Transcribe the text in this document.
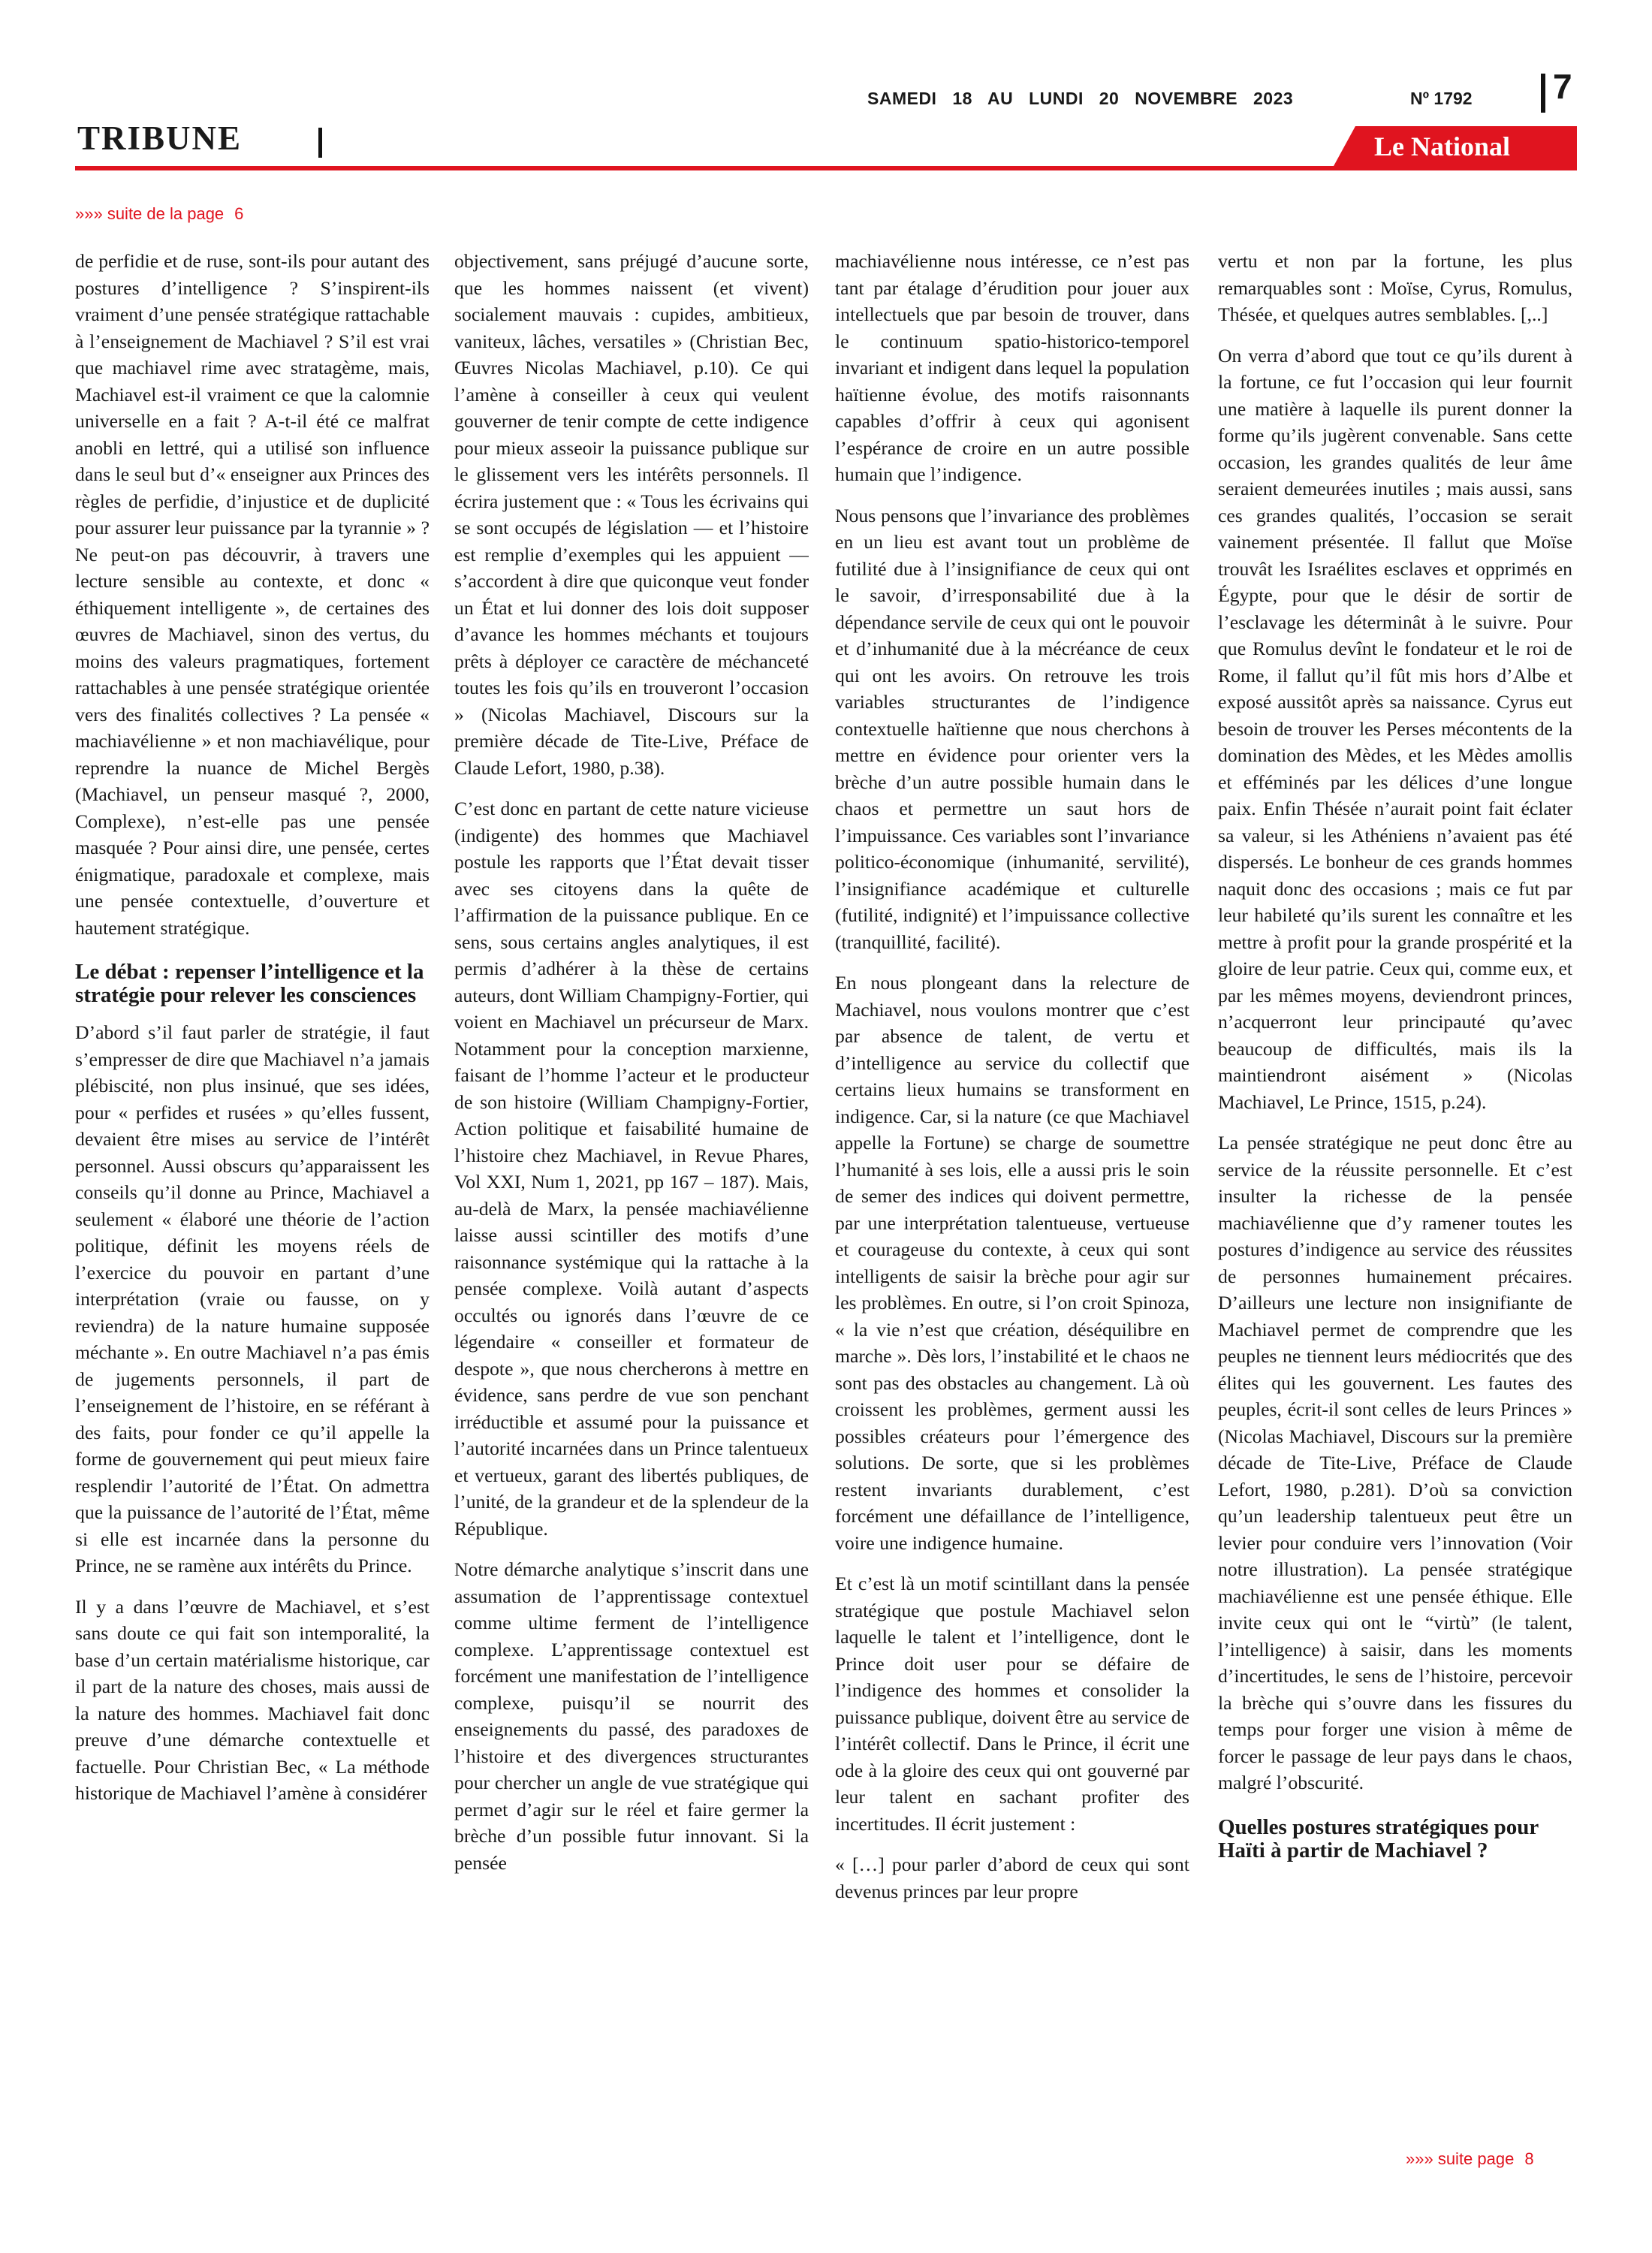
SAMEDI 18 AU LUNDI 20 NOVEMBRE 2023	Nº 1792 7
TRIBUNE	Le National
»»» suite de la page 6

de perfidie et de ruse, sont-ils pour autant des postures d’intelligence ? S’inspirent-ils vraiment d’une pensée stratégique rattachable à l’enseignement de Machiavel ? S’il est vrai que machiavel rime avec stratagème, mais, Machiavel est-il vraiment ce que la calomnie universelle en a fait ? A-t-il été ce malfrat anobli en lettré, qui a utilisé son influence dans le seul but d’« enseigner aux Princes des règles de perfidie, d’injustice et de duplicité pour assurer leur puissance par la tyrannie » ? Ne peut-on pas découvrir, à travers une lecture sensible au contexte, et donc « éthiquement intelligente », de certaines des œuvres de Machiavel, sinon des vertus, du moins des valeurs pragmatiques, fortement rattachables à une pensée stratégique orientée vers des finalités collectives ? La pensée « machiavélienne » et non machiavélique, pour reprendre la nuance de Michel Bergès (Machiavel, un penseur masqué ?, 2000, Complexe), n’est-elle pas une pensée masquée ? Pour ainsi dire, une pensée, certes énigmatique, paradoxale et complexe, mais une pensée contextuelle, d’ouverture et hautement stratégique.

Le débat : repenser l’intelligence et la stratégie pour relever les consciences

D’abord s’il faut parler de stratégie, il faut s’empresser de dire que Machiavel n’a jamais plébiscité, non plus insinué, que ses idées, pour « perfides et rusées » qu’elles fussent, devaient être mises au service de l’intérêt personnel. Aussi obscurs qu’apparaissent les conseils qu’il donne au Prince, Machiavel a seulement « élaboré une théorie de l’action politique, définit les moyens réels de l’exercice du pouvoir en partant d’une interprétation (vraie ou fausse, on y reviendra) de la nature humaine supposée méchante ». En outre Machiavel n’a pas émis de jugements personnels, il part de l’enseignement de l’histoire, en se référant à des faits, pour fonder ce qu’il appelle la forme de gouvernement qui peut mieux faire resplendir l’autorité de l’État. On admettra que la puissance de l’autorité de l’État, même si elle est incarnée dans la personne du Prince, ne se ramène aux intérêts du Prince.

Il y a dans l’œuvre de Machiavel, et s’est sans doute ce qui fait son intemporalité, la base d’un certain matérialisme historique, car il part de la nature des choses, mais aussi de la nature des hommes. Machiavel fait donc preuve d’une démarche contextuelle et factuelle. Pour Christian Bec, « La méthode historique de Machiavel l’amène à considérer

objectivement, sans préjugé d’aucune sorte, que les hommes naissent (et vivent) socialement mauvais : cupides, ambitieux, vaniteux, lâches, versatiles » (Christian Bec, Œuvres Nicolas Machiavel, p.10). Ce qui l’amène à conseiller à ceux qui veulent gouverner de tenir compte de cette indigence pour mieux asseoir la puissance publique sur le glissement vers les intérêts personnels. Il écrira justement que : « Tous les écrivains qui se sont occupés de législation — et l’histoire est remplie d’exemples qui les appuient — s’accordent à dire que quiconque veut fonder un État et lui donner des lois doit supposer d’avance les hommes méchants et toujours prêts à déployer ce caractère de méchanceté toutes les fois qu’ils en trouveront l’occasion » (Nicolas Machiavel, Discours sur la première décade de Tite-Live, Préface de Claude Lefort, 1980, p.38).

C’est donc en partant de cette nature vicieuse (indigente) des hommes que Machiavel postule les rapports que l’État devait tisser avec ses citoyens dans la quête de l’affirmation de la puissance publique. En ce sens, sous certains angles analytiques, il est permis d’adhérer à la thèse de certains auteurs, dont William Champigny-Fortier, qui voient en Machiavel un précurseur de Marx. Notamment pour la conception marxienne, faisant de l’homme l’acteur et le producteur de son histoire (William Champigny-Fortier, Action politique et faisabilité humaine de l’histoire chez Machiavel, in Revue Phares, Vol XXI, Num 1, 2021, pp 167 – 187). Mais, au-delà de Marx, la pensée machiavélienne laisse aussi scintiller des motifs d’une raisonnance systémique qui la rattache à la pensée complexe. Voilà autant d’aspects occultés ou ignorés dans l’œuvre de ce légendaire « conseiller et formateur de despote », que nous chercherons à mettre en évidence, sans perdre de vue son penchant irréductible et assumé pour la puissance et l’autorité incarnées dans un Prince talentueux et vertueux, garant des libertés publiques, de l’unité, de la grandeur et de la splendeur de la République.

Notre démarche analytique s’inscrit dans une assumation de l’apprentissage contextuel comme ultime ferment de l’intelligence complexe. L’apprentissage contextuel est forcément une manifestation de l’intelligence complexe, puisqu’il se nourrit des enseignements du passé, des paradoxes de l’histoire et des divergences structurantes pour chercher un angle de vue stratégique qui permet d’agir sur le réel et faire germer la brèche d’un possible futur innovant. Si la pensée

machiavélienne nous intéresse, ce n’est pas tant par étalage d’érudition pour jouer aux intellectuels que par besoin de trouver, dans le continuum spatio-historico-temporel invariant et indigent dans lequel la population haïtienne évolue, des motifs raisonnants capables d’offrir à ceux qui agonisent l’espérance de croire en un autre possible humain que l’indigence.

Nous pensons que l’invariance des problèmes en un lieu est avant tout un problème de futilité due à l’insignifiance de ceux qui ont le savoir, d’irresponsabilité due à la dépendance servile de ceux qui ont le pouvoir et d’inhumanité due à la mécréance de ceux qui ont les avoirs. On retrouve les trois variables structurantes de l’indigence contextuelle haïtienne que nous cherchons à mettre en évidence pour orienter vers la brèche d’un autre possible humain dans le chaos et permettre un saut hors de l’impuissance. Ces variables sont l’invariance politico-économique (inhumanité, servilité), l’insignifiance académique et culturelle (futilité, indignité) et l’impuissance collective (tranquillité, facilité).

En nous plongeant dans la relecture de Machiavel, nous voulons montrer que c’est par absence de talent, de vertu et d’intelligence au service du collectif que certains lieux humains se transforment en indigence. Car, si la nature (ce que Machiavel appelle la Fortune) se charge de soumettre l’humanité à ses lois, elle a aussi pris le soin de semer des indices qui doivent permettre, par une interprétation talentueuse, vertueuse et courageuse du contexte, à ceux qui sont intelligents de saisir la brèche pour agir sur les problèmes. En outre, si l’on croit Spinoza, « la vie n’est que création, déséquilibre en marche ». Dès lors, l’instabilité et le chaos ne sont pas des obstacles au changement. Là où croissent les problèmes, germent aussi les possibles créateurs pour l’émergence des solutions. De sorte, que si les problèmes restent invariants durablement, c’est forcément une défaillance de l’intelligence, voire une indigence humaine.

Et c’est là un motif scintillant dans la pensée stratégique que postule Machiavel selon laquelle le talent et l’intelligence, dont le Prince doit user pour se défaire de l’indigence des hommes et consolider la puissance publique, doivent être au service de l’intérêt collectif. Dans le Prince, il écrit une ode à la gloire des ceux qui ont gouverné par leur talent en sachant profiter des incertitudes. Il écrit justement :

« […] pour parler d’abord de ceux qui sont devenus princes par leur propre

vertu et non par la fortune, les plus remarquables sont : Moïse, Cyrus, Romulus, Thésée, et quelques autres semblables. [,..]

On verra d’abord que tout ce qu’ils durent à la fortune, ce fut l’occasion qui leur fournit une matière à laquelle ils purent donner la forme qu’ils jugèrent convenable. Sans cette occasion, les grandes qualités de leur âme seraient demeurées inutiles ; mais aussi, sans ces grandes qualités, l’occasion se serait vainement présentée. Il fallut que Moïse trouvât les Israélites esclaves et opprimés en Égypte, pour que le désir de sortir de l’esclavage les déterminât à le suivre. Pour que Romulus devînt le fondateur et le roi de Rome, il fallut qu’il fût mis hors d’Albe et exposé aussitôt après sa naissance. Cyrus eut besoin de trouver les Perses mécontents de la domination des Mèdes, et les Mèdes amollis et efféminés par les délices d’une longue paix. Enfin Thésée n’aurait point fait éclater sa valeur, si les Athéniens n’avaient pas été dispersés. Le bonheur de ces grands hommes naquit donc des occasions ; mais ce fut par leur habileté qu’ils surent les connaître et les mettre à profit pour la grande prospérité et la gloire de leur patrie. Ceux qui, comme eux, et par les mêmes moyens, deviendront princes, n’acquerront leur principauté qu’avec beaucoup de difficultés, mais ils la maintiendront aisément » (Nicolas Machiavel, Le Prince, 1515, p.24).

La pensée stratégique ne peut donc être au service de la réussite personnelle. Et c’est insulter la richesse de la pensée machiavélienne que d’y ramener toutes les postures d’indigence au service des réussites de personnes humainement précaires. D’ailleurs une lecture non insignifiante de Machiavel permet de comprendre que les peuples ne tiennent leurs médiocrités que des élites qui les gouvernent. Les fautes des peuples, écrit-il sont celles de leurs Princes » (Nicolas Machiavel, Discours sur la première décade de Tite-Live, Préface de Claude Lefort, 1980, p.281). D’où sa conviction qu’un leadership talentueux peut être un levier pour conduire vers l’innovation (Voir notre illustration). La pensée stratégique machiavélienne est une pensée éthique. Elle invite ceux qui ont le “virtù” (le talent, l’intelligence) à saisir, dans les moments d’incertitudes, le sens de l’histoire, percevoir la brèche qui s’ouvre dans les fissures du temps pour forger une vision à même de forcer le passage de leur pays dans le chaos, malgré l’obscurité.

Quelles postures stratégiques pour Haïti à partir de Machiavel ?
»»» suite page 8
